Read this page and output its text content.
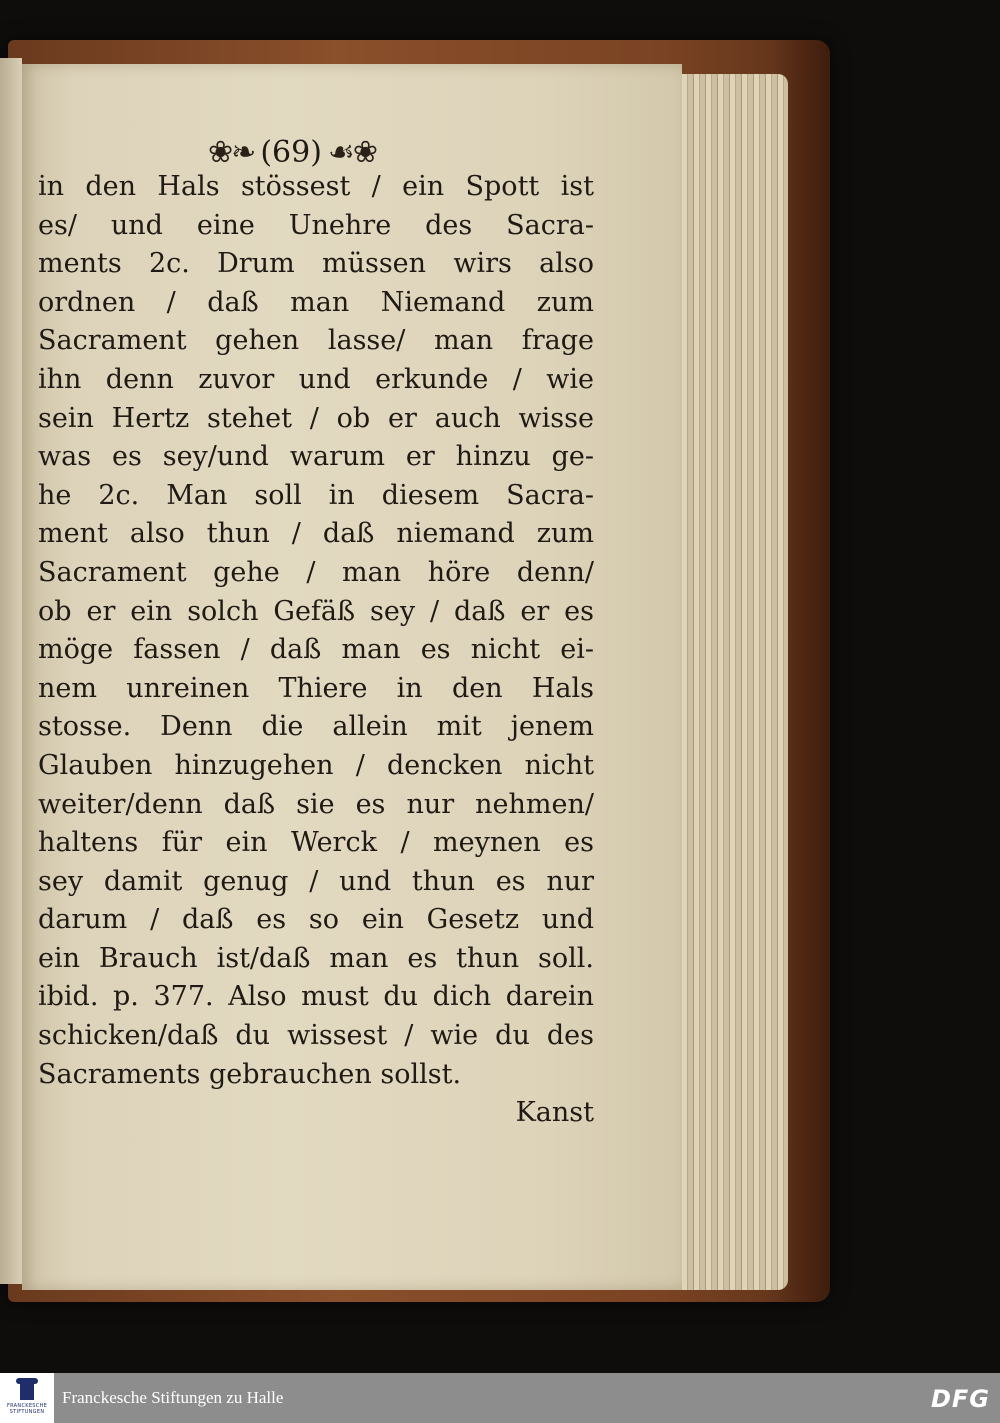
❀❧ (69) ☙❀
in den Hals stössest / ein Spott ist
es/ und eine Unehre des Sacra-
ments 2c. Drum müssen wirs also
ordnen / daß man Niemand zum
Sacrament gehen lasse/ man frage
ihn denn zuvor und erkunde / wie
sein Hertz stehet / ob er auch wisse
was es sey/und warum er hinzu ge-
he 2c. Man soll in diesem Sacra-
ment also thun / daß niemand zum
Sacrament gehe / man höre denn/
ob er ein solch Gefäß sey / daß er es
möge fassen / daß man es nicht ei-
nem unreinen Thiere in den Hals
stosse. Denn die allein mit jenem
Glauben hinzugehen / dencken nicht
weiter/denn daß sie es nur nehmen/
haltens für ein Werck / meynen es
sey damit genug / und thun es nur
darum / daß es so ein Gesetz und
ein Brauch ist/daß man es thun soll.
ibid. p. 377. Also must du dich darein
schicken/daß du wissest / wie du des
Sacraments gebrauchen sollst.
Kanst
FRANCKESCHE STIFTUNGEN
Franckesche Stiftungen zu Halle	DFG
